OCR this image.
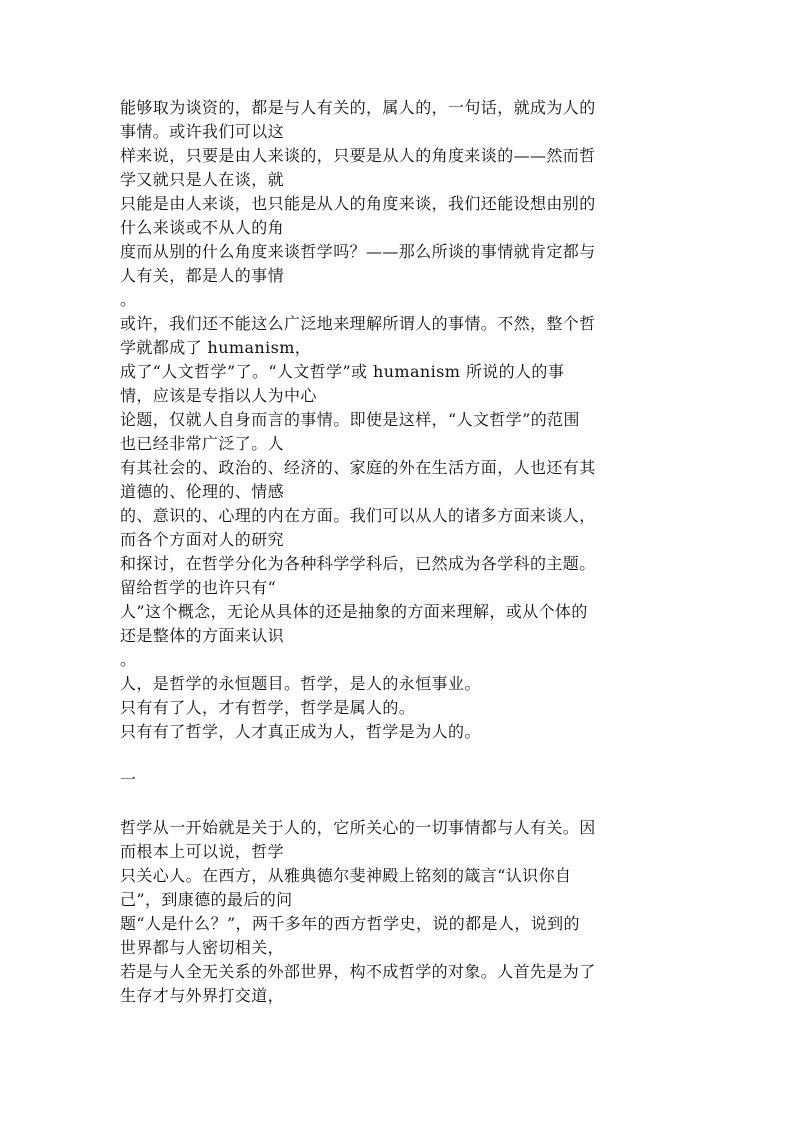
能够取为谈资的，都是与人有关的，属人的，一句话，就成为人的
事情。或许我们可以这
样来说，只要是由人来谈的，只要是从人的角度来谈的——然而哲
学又就只是人在谈，就
只能是由人来谈，也只能是从人的角度来谈，我们还能设想由别的
什么来谈或不从人的角
度而从别的什么角度来谈哲学吗？——那么所谈的事情就肯定都与
人有关，都是人的事情
。
或许，我们还不能这么广泛地来理解所谓人的事情。不然，整个哲
学就都成了 humanism，
成了“人文哲学”了。“人文哲学”或 humanism 所说的人的事
情，应该是专指以人为中心
论题，仅就人自身而言的事情。即使是这样，“人文哲学”的范围
也已经非常广泛了。人
有其社会的、政治的、经济的、家庭的外在生活方面，人也还有其
道德的、伦理的、情感
的、意识的、心理的内在方面。我们可以从人的诸多方面来谈人，
而各个方面对人的研究
和探讨，在哲学分化为各种科学学科后，已然成为各学科的主题。
留给哲学的也许只有“
人”这个概念，无论从具体的还是抽象的方面来理解，或从个体的
还是整体的方面来认识
。
人，是哲学的永恒题目。哲学，是人的永恒事业。
只有有了人，才有哲学，哲学是属人的。
只有有了哲学，人才真正成为人，哲学是为人的。
一
哲学从一开始就是关于人的，它所关心的一切事情都与人有关。因
而根本上可以说，哲学
只关心人。在西方，从雅典德尔斐神殿上铭刻的箴言“认识你自
己”，到康德的最后的问
题“人是什么？”，两千多年的西方哲学史，说的都是人，说到的
世界都与人密切相关，
若是与人全无关系的外部世界，构不成哲学的对象。人首先是为了
生存才与外界打交道，
